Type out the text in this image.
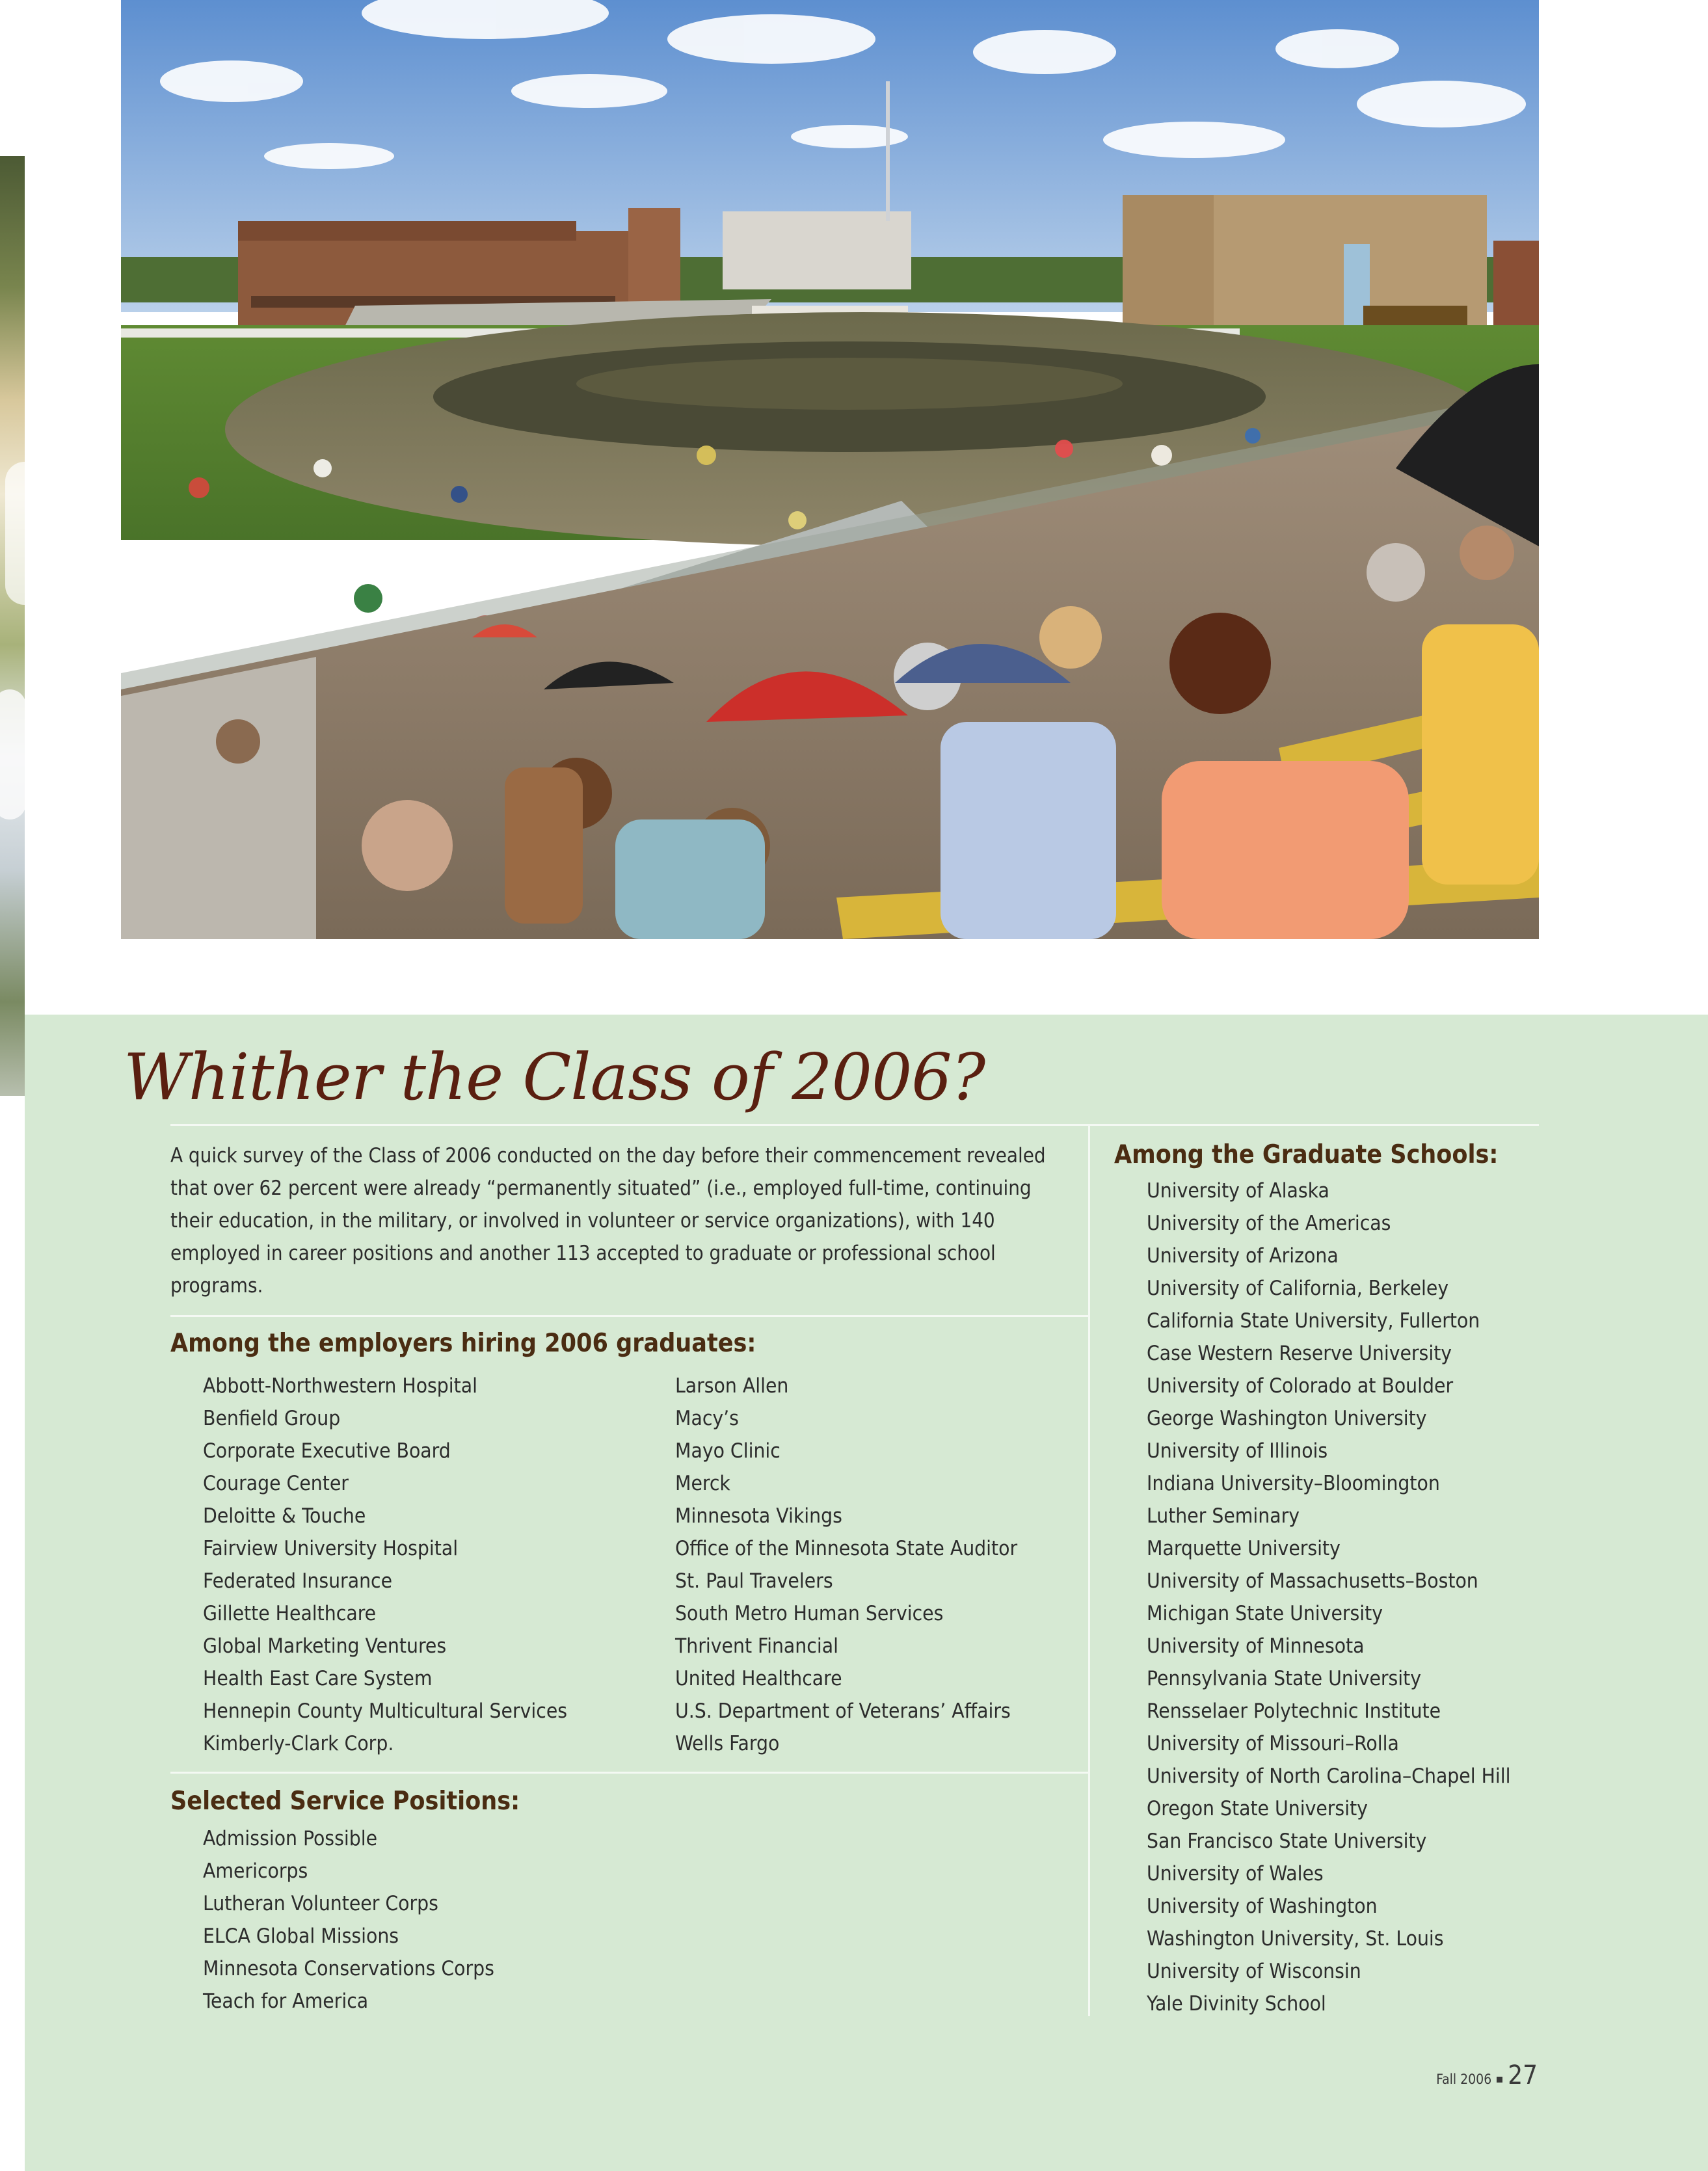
Whither the Class of 2006?

A quick survey of the Class of 2006 conducted on the day before their commencement revealed that over 62 percent were already “permanently situated” (i.e., employed full-time, continuing their education, in the military, or involved in volunteer or service organizations), with 140 employed in career positions and another 113 accepted to graduate or professional school programs.

Among the employers hiring 2006 graduates:
Abbott-Northwestern Hospital
Benfield Group
Corporate Executive Board
Courage Center
Deloitte & Touche
Fairview University Hospital
Federated Insurance
Gillette Healthcare
Global Marketing Ventures
Health East Care System
Hennepin County Multicultural Services
Kimberly-Clark Corp.
Larson Allen
Macy’s
Mayo Clinic
Merck
Minnesota Vikings
Office of the Minnesota State Auditor
St. Paul Travelers
South Metro Human Services
Thrivent Financial
United Healthcare
U.S. Department of Veterans’ Affairs
Wells Fargo
Selected Service Positions:
Admission Possible
Americorps
Lutheran Volunteer Corps
ELCA Global Missions
Minnesota Conservations Corps
Teach for America
Among the Graduate Schools:
University of Alaska
University of the Americas
University of Arizona
University of California, Berkeley
California State University, Fullerton
Case Western Reserve University
University of Colorado at Boulder
George Washington University
University of Illinois
Indiana University–Bloomington
Luther Seminary
Marquette University
University of Massachusetts–Boston
Michigan State University
University of Minnesota
Pennsylvania State University
Rensselaer Polytechnic Institute
University of Missouri–Rolla
University of North Carolina–Chapel Hill
Oregon State University
San Francisco State University
University of Wales
University of Washington
Washington University, St. Louis
University of Wisconsin
Yale Divinity School
Fall 2006 27
